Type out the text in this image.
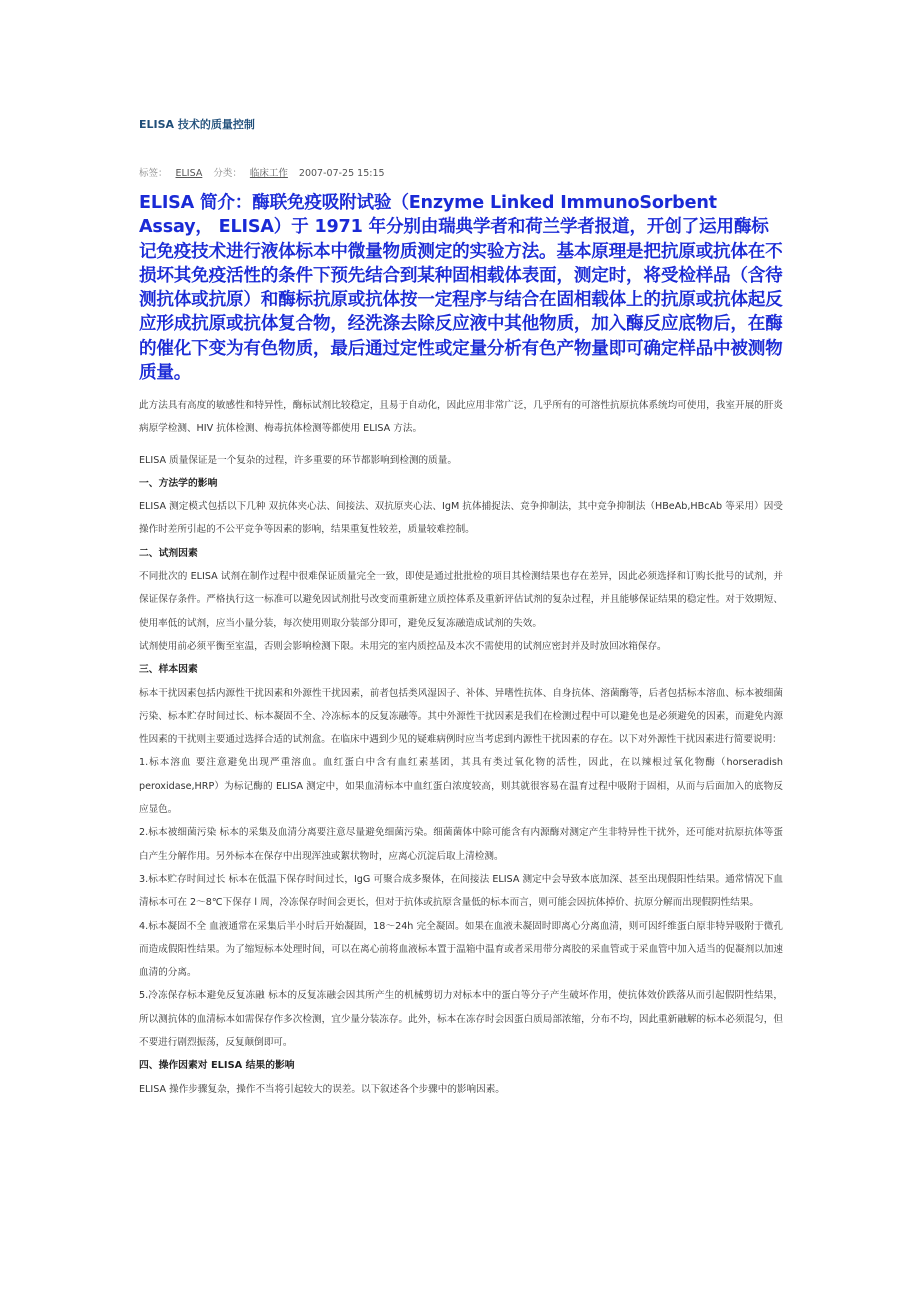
ELISA 技术的质量控制
标签： ELISA 分类： 临床工作 2007-07-25 15:15
ELISA 简介：酶联免疫吸附试验（Enzyme Linked ImmunoSorbent Assay， ELISA）于 1971 年分别由瑞典学者和荷兰学者报道，开创了运用酶标记免疫技术进行液体标本中微量物质测定的实验方法。基本原理是把抗原或抗体在不损坏其免疫活性的条件下预先结合到某种固相载体表面，测定时，将受检样品（含待测抗体或抗原）和酶标抗原或抗体按一定程序与结合在固相载体上的抗原或抗体起反应形成抗原或抗体复合物，经洗涤去除反应液中其他物质，加入酶反应底物后，在酶的催化下变为有色物质，最后通过定性或定量分析有色产物量即可确定样品中被测物质量。

此方法具有高度的敏感性和特异性，酶标试剂比较稳定，且易于自动化，因此应用非常广泛，几乎所有的可溶性抗原抗体系统均可使用，我室开展的肝炎病原学检测、HIV 抗体检测、梅毒抗体检测等都使用 ELISA 方法。

ELISA 质量保证是一个复杂的过程，许多重要的环节都影响到检测的质量。

一、方法学的影响

ELISA 测定模式包括以下几种 双抗体夹心法、间接法、双抗原夹心法、IgM 抗体捕捉法、竞争抑制法，其中竞争抑制法（HBeAb,HBcAb 等采用）因受操作时差所引起的不公平竞争等因素的影响，结果重复性较差，质量较难控制。

二、试剂因素

不同批次的 ELISA 试剂在制作过程中很难保证质量完全一致，即使是通过批批检的项目其检测结果也存在差异，因此必须选择和订购长批号的试剂，并保证保存条件。严格执行这一标准可以避免因试剂批号改变而重新建立质控体系及重新评估试剂的复杂过程，并且能够保证结果的稳定性。对于效期短、使用率低的试剂，应当小量分装，每次使用则取分装部分即可，避免反复冻融造成试剂的失效。

试剂使用前必须平衡至室温，否则会影响检测下限。未用完的室内质控品及本次不需使用的试剂应密封并及时放回冰箱保存。

三、样本因素

标本干扰因素包括内源性干扰因素和外源性干扰因素，前者包括类风湿因子、补体、异嗜性抗体、自身抗体、溶菌酶等，后者包括标本溶血、标本被细菌污染、标本贮存时间过长、标本凝固不全、冷冻标本的反复冻融等。其中外源性干扰因素是我们在检测过程中可以避免也是必须避免的因素，而避免内源性因素的干扰则主要通过选择合适的试剂盒。在临床中遇到少见的疑难病例时应当考虑到内源性干扰因素的存在。以下对外源性干扰因素进行简要说明：

1.标本溶血 要注意避免出现严重溶血。血红蛋白中含有血红素基团，其具有类过氧化物的活性，因此，在以辣根过氧化物酶（horseradish peroxidase,HRP）为标记酶的 ELISA 测定中，如果血清标本中血红蛋白浓度较高，则其就很容易在温育过程中吸附于固相，从而与后面加入的底物反应显色。

2.标本被细菌污染 标本的采集及血清分离要注意尽量避免细菌污染。细菌菌体中除可能含有内源酶对测定产生非特异性干扰外，还可能对抗原抗体等蛋白产生分解作用。另外标本在保存中出现浑浊或絮状物时，应离心沉淀后取上清检测。

3.标本贮存时间过长 标本在低温下保存时间过长，IgG 可聚合成多聚体，在间接法 ELISA 测定中会导致本底加深、甚至出现假阳性结果。通常情况下血清标本可在 2～8℃下保存 l 周，冷冻保存时间会更长，但对于抗体或抗原含量低的标本而言，则可能会因抗体掉价、抗原分解而出现假阴性结果。

4.标本凝固不全 血液通常在采集后半小时后开始凝固，18～24h 完全凝固。如果在血液未凝固时即离心分离血清，则可因纤维蛋白原非特异吸附于微孔而造成假阳性结果。为了缩短标本处理时间，可以在离心前将血液标本置于温箱中温育或者采用带分离胶的采血管或于采血管中加入适当的促凝剂以加速血清的分离。

5.冷冻保存标本避免反复冻融 标本的反复冻融会因其所产生的机械剪切力对标本中的蛋白等分子产生破坏作用，使抗体效价跌落从而引起假阴性结果，所以测抗体的血清标本如需保存作多次检测，宜少量分装冻存。此外，标本在冻存时会因蛋白质局部浓缩，分布不均，因此重新融解的标本必须混匀，但不要进行剧烈振荡，反复颠倒即可。

四、操作因素对 ELISA 结果的影响

ELISA 操作步骤复杂，操作不当将引起较大的误差。以下叙述各个步骤中的影响因素。
